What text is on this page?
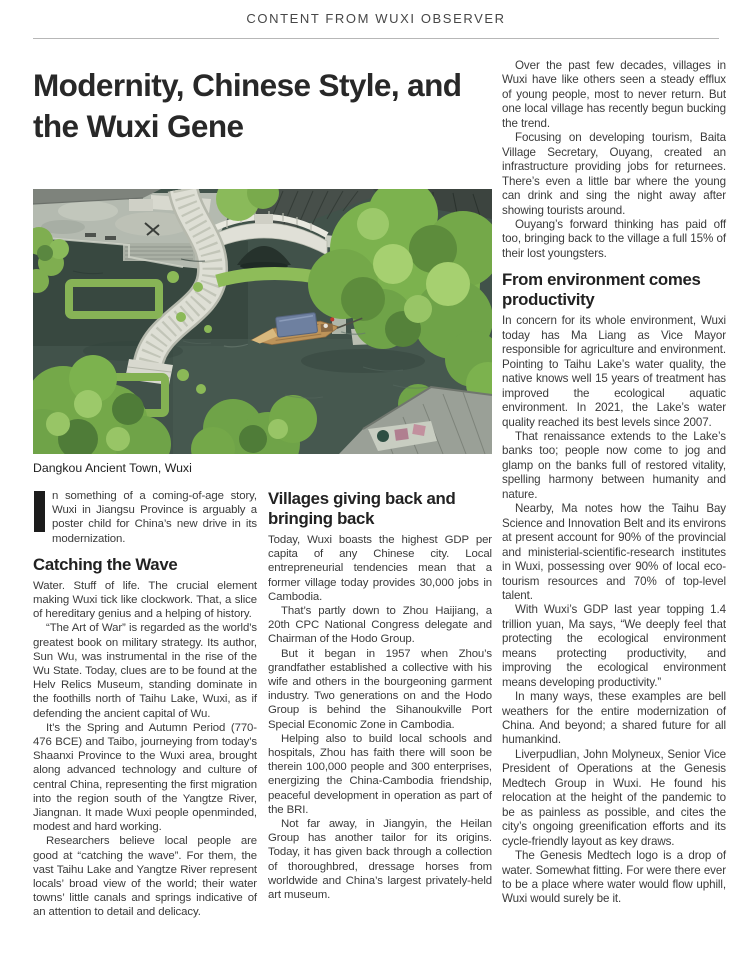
CONTENT FROM WUXI OBSERVER
Modernity, Chinese Style, and the Wuxi Gene
Dangkou Ancient Town, Wuxi

n something of a coming-of-age story, Wuxi in Jiangsu Province is arguably a poster child for China’s new drive in its modernization.

Catching the Wave

Water. Stuff of life. The crucial element making Wuxi tick like clockwork. That, a slice of hereditary genius and a helping of history.

“The Art of War” is regarded as the world’s greatest book on military strategy. Its author, Sun Wu, was instrumental in the rise of the Wu State. Today, clues are to be found at the Helv Relics Museum, standing dominate in the foothills north of Taihu Lake, Wuxi, as if defending the ancient capital of Wu.

It’s the Spring and Autumn Period (770-476 BCE) and Taibo, journeying from today’s Shaanxi Province to the Wuxi area, brought along advanced technology and culture of central China, representing the first migration into the region south of the Yangtze River, Jiangnan. It made Wuxi people openminded, modest and hard working.

Researchers believe local people are good at “catching the wave”. For them, the vast Taihu Lake and Yangtze River represent locals’ broad view of the world; their water towns’ little canals and springs indicative of an attention to detail and delicacy.

Villages giving back and bringing back

Today, Wuxi boasts the highest GDP per capita of any Chinese city. Local entrepreneurial tendencies mean that a former village today provides 30,000 jobs in Cambodia.

That’s partly down to Zhou Haijiang, a 20th CPC National Congress delegate and Chairman of the Hodo Group.

But it began in 1957 when Zhou’s grandfather established a collective with his wife and others in the bourgeoning garment industry. Two generations on and the Hodo Group is behind the Sihanoukville Port Special Economic Zone in Cambodia.

Helping also to build local schools and hospitals, Zhou has faith there will soon be therein 100,000 people and 300 enterprises, energizing the China-Cambodia friendship, peaceful development in operation as part of the BRI.

Not far away, in Jiangyin, the Heilan Group has another tailor for its origins. Today, it has given back through a collection of thoroughbred, dressage horses from worldwide and China’s largest privately-held art museum.

Over the past few decades, villages in Wuxi have like others seen a steady efflux of young people, most to never return. But one local village has recently begun bucking the trend.

Focusing on developing tourism, Baita Village Secretary, Ouyang, created an infrastructure providing jobs for returnees. There’s even a little bar where the young can drink and sing the night away after showing tourists around.

Ouyang’s forward thinking has paid off too, bringing back to the village a full 15% of their lost youngsters.

From environment comes productivity

In concern for its whole environment, Wuxi today has Ma Liang as Vice Mayor responsible for agriculture and environment. Pointing to Taihu Lake’s water quality, the native knows well 15 years of treatment has improved the ecological aquatic environment. In 2021, the Lake’s water quality reached its best levels since 2007.

That renaissance extends to the Lake’s banks too; people now come to jog and glamp on the banks full of restored vitality, spelling harmony between humanity and nature.

Nearby, Ma notes how the Taihu Bay Science and Innovation Belt and its environs at present account for 90% of the provincial and ministerial-scientific-research institutes in Wuxi, possessing over 90% of local eco-tourism resources and 70% of top-level talent.

With Wuxi’s GDP last year topping 1.4 trillion yuan, Ma says, “We deeply feel that protecting the ecological environment means protecting productivity, and improving the ecological environment means developing productivity.”

In many ways, these examples are bell weathers for the entire modernization of China. And beyond; a shared future for all humankind.

Liverpudlian, John Molyneux, Senior Vice President of Operations at the Genesis Medtech Group in Wuxi. He found his relocation at the height of the pandemic to be as painless as possible, and cites the city’s ongoing greenification efforts and its cycle-friendly layout as key draws.

The Genesis Medtech logo is a drop of water. Somewhat fitting. For were there ever to be a place where water would flow uphill, Wuxi would surely be it.
